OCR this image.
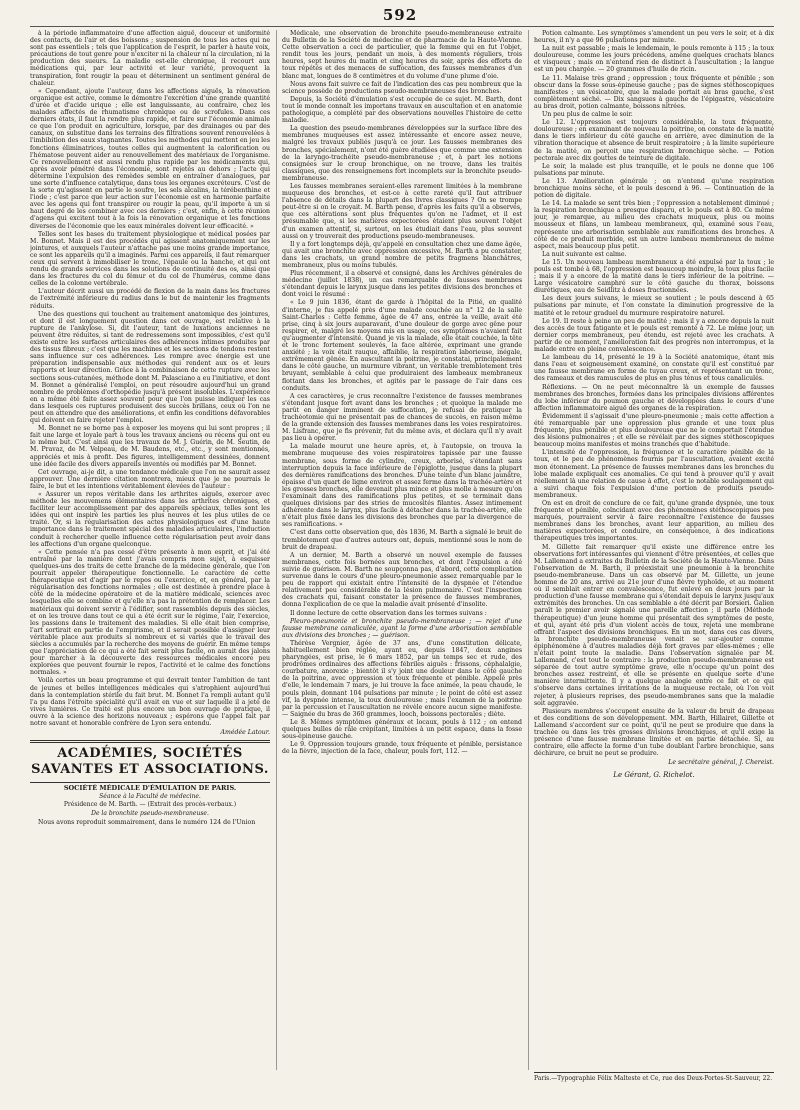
592

à la période inflammatoire d'une affection aiguë, douceur et uniformité des contacts, de l'air et des boissons ; suspension de tous les actes qui ne sont pas essentiels ; tels que l'application de l'esprit, le parler à haute voix, précautions de tout genre pour n'exciter ni la chaleur ni la circulation, ni la production des sueurs. La maladie est-elle chronique, il recourt aux médications qui, par leur activité et leur variété, provoquent la transpiration, font rougir la peau et déterminent un sentiment général de chaleur.

« Cependant, ajoute l'auteur, dans les affections aiguës, la rénovation organique est active, comme le démontre l'excrétion d'une grande quantité d'urée et d'acide urique ; elle est languissante, au contraire, chez les malades affectés de rhumatisme chronique ou de scrofules. Dans ces derniers états, il faut la rendre plus rapide, et faire sur l'économie animale ce que l'on produit en agriculture, lorsque, par des drainages ou par des canaux, on substitue dans les terrains des filtrations souvent renouvelées à l'imbibition des eaux stagnantes. Toutes les méthodes qui mettent en jeu les fonctions éliminatrices, toutes celles qui augmentent la calorification ou l'hématose peuvent aider au renouvellement des matériaux de l'organisme. Ce renouvellement est aussi rendu plus rapide par les médicaments qui, après avoir pénétré dans l'économie, sont rejetés au dehors ; l'acte qui détermine l'expulsion des remèdes semble en entraîner d'analogues, par une sorte d'influence catalytique, dans tous les organes excréteurs. C'est de la sorte qu'agissent en partie le soufre, les sels alcalins, la térébenthine et l'iode ; c'est parce que leur action sur l'économie est en harmonie parfaite avec les agens qui font transpirer ou rougir la peau, qu'il importe à un si haut degré de les combiner avec ces derniers ; c'est, enfin, à cette réunion d'agens qui excitent tout à la fois la rénovation organique et les fonctions diverses de l'économie que les eaux minérales doivent leur efficacité. »

Telles sont les bases du traitement physiologique et médical posées par M. Bonnet. Mais il est des procédés qui agissent anatomiquement sur les jointures, et auxquels l'auteur n'attache pas une moins grande importance, ce sont les appareils qu'il a imaginés. Parmi ces appareils, il faut remarquer ceux qui servent à immobiliser le tronc, l'épaule ou la hanche, et qui ont rendu de grands services dans les solutions de continuité des os, ainsi que dans les fractures du col du fémur et du col de l'humérus, comme dans celles de la colonne vertébrale.

L'auteur décrit aussi un procédé de flexion de la main dans les fractures de l'extrémité inférieure du radius dans le but de maintenir les fragments réduits.

Une des questions qui touchent au traitement anatomique des jointures, et dont il est longuement question dans cet ouvrage, est relative à la rupture de l'ankylose. Si, dit l'auteur, tant de luxations anciennes ne peuvent être réduites, si tant de redressemens sont impossibles, c'est qu'il existe entre les surfaces articulaires des adhérences intimes produites par des tissus fibreux ; c'est que les machines et les sections de tendons restent sans influence sur ces adhérences. Les rompre avec énergie est une préparation indispensable aux méthodes qui rendent aux os et leurs rapports et leur direction. Grâce à la combinaison de cette rupture avec les sections sous-cutanées, méthode dont M. Palasciano a eu l'initiative, et dont M. Bonnet a généralisé l'emploi, on peut résoudre aujourd'hui un grand nombre de problèmes d'orthopédie jusqu'à présent insolubles. L'expérience en a même été faite assez souvent pour que l'on puisse indiquer les cas dans lesquels ces ruptures produisent des succès brillans, ceux où l'on ne peut en attendre que des améliorations, et enfin les conditions défavorables qui doivent en faire rejeter l'emploi.

M. Bonnet ne se borne pas à exposer les moyens qui lui sont propres ; il fait une large et loyale part à tous les travaux anciens ou récens qui ont eu le même but. C'est ainsi que les travaux de M. J. Guérin, de M. Seutin, de M. Pravaz, de M. Velpeau, de M. Baudens, etc., etc., y sont mentionnés, appréciés et mis à profit. Des figures, intelligemment dessinées, donnent une idée facile des divers appareils inventés ou modifiés par M. Bonnet.

Cet ouvrage, ai-je dit, a une tendance médicale que l'on ne saurait assez approuver. Une dernière citation montrera, mieux que je ne pourrais le faire, le but et les intentions véritablement élevées de l'auteur :

« Assurer un repos véritable dans les arthrites aiguës, exercer avec méthode les mouvemens élémentaires dans les arthrites chroniques, et faciliter leur accomplissement par des appareils spéciaux, telles sont les idées qui ont inspiré les parties les plus neuves et les plus utiles de ce traité. Or, si la régularisation des actes physiologiques est d'une haute importance dans le traitement spécial des maladies articulaires, l'induction conduit à rechercher quelle influence cette régularisation peut avoir dans les affections d'un organe quelconque.

« Cette pensée n'a pas cessé d'être présente à mon esprit, et j'ai été entraîné par la manière dont j'avais compris mon sujet, à esquisser quelques-uns des traits de cette branche de la médecine générale, que l'on pourrait appeler thérapeutique fonctionnelle. Le caractère de cette thérapeutique est d'agir par le repos ou l'exercice, et, en général, par la régularisation des fonctions normales ; elle est destinée à prendre place à côté de la médecine opératoire et de la matière médicale, sciences avec lesquelles elle se combine et qu'elle n'a pas la prétention de remplacer. Les matériaux qui doivent servir à l'édifier, sont rassemblés depuis des siècles, et on les trouve dans tout ce qui a été écrit sur le régime, l'air, l'exercice, les passions dans le traitement des maladies. Si elle était bien comprise, l'art sortirait en partie de l'empirisme, et il serait possible d'assigner leur véritable place aux produits si nombreux et si variés que le travail des siècles a accumulés par la recherche des moyens de guérir. En même temps que l'appréciation de ce qui a été fait serait plus facile, on aurait des jalons pour marcher à la découverte des ressources médicales encore peu explorées que peuvent fournir le repos, l'activité et le calme des fonctions normales. »

Voilà certes un beau programme et qui devrait tenter l'ambition de tant de jeunes et belles intelligences médicales qui s'atrophient aujourd'hui dans la contemplation stérile du fait brut. M. Bonnet l'a rempli autant qu'il l'a pu dans l'étroite spécialité qu'il avait en vue et sur laquelle il a jeté de vives lumières. Ce traité est plus encore un bon ouvrage de pratique, il ouvre à la science des horizons nouveaux ; espérons que l'appel fait par notre savant et honorable confrère de Lyon sera entendu.

Amédée Latour.

ACADÉMIES, SOCIÉTÉS SAVANTES ET ASSOCIATIONS.

SOCIÉTÉ MÉDICALE D'ÉMULATION DE PARIS.

Séance à la Faculté de médecine.

Présidence de M. Barth. — (Extrait des procès-verbaux.)

De la bronchite pseudo-membraneuse.

Nous avons reproduit sommairement, dans le numéro 124 de l'Union

Médicale, une observation de bronchite pseudo-membraneuse extraite du Bulletin de la Société de médecine et de pharmacie de la Haute-Vienne. Cette observation a ceci de particulier, que la femme qui en fut l'objet, rendit tous les jours, pendant un mois, à des moments réguliers, trois heures, sept heures du matin et cinq heures du soir, après des efforts de toux répétés et des menaces de suffocation, des fausses membranes d'un blanc mat, longues de 8 centimètres et du volume d'une plume d'oie.

Nous avons fait suivre ce fait de l'indication des cas peu nombreux que la science possède de productions pseudo-membraneuses des bronches.

Depuis, la Société d'émulation s'est occupée de ce sujet. M. Barth, dont tout le monde connaît les importans travaux en auscultation et en anatomie pathologique, a complété par des observations nouvelles l'histoire de cette maladie.

La question des pseudo-membranes développées sur la surface libre des membranes muqueuses est assez intéressante et encore assez neuve, malgré les travaux publiés jusqu'à ce jour. Les fausses membranes des bronches, spécialement, n'ont été guère étudiées que comme une extension de la laryngo-trachéite pseudo-membraneuse ; et, à part les notions consignées sur le croup bronchique, on ne trouve, dans les traités classiques, que des renseignemens fort incomplets sur la bronchite pseudo-membraneuse.

Les fausses membranes seraient-elles rarement limitées à la membrane muqueuse des bronches, et est-ce à cette rareté qu'il faut attribuer l'absence de détails dans la plupart des livres classiques ? On se trompe peut-être si on le croyait. M. Barth pense, d'après les faits qu'il a observés, que ces altérations sont plus fréquentes qu'on ne l'admet, et il est présumable que, si les matières expectorées étaient plus souvent l'objet d'un examen attentif, si, surtout, on les étudiait dans l'eau, plus souvent aussi on y trouverait des productions pseudo-membraneuses.

Il y a fort longtemps déjà, qu'appelé en consultation chez une dame âgée, qui avait une bronchite avec oppression excessive, M. Barth a pu constater, dans les crachats, un grand nombre de petits fragmens blanchâtres, membraneux, plus ou moins tubulés.

Plus récemment, il a observé et consigné, dans les Archives générales de médecine (juillet 1838), un cas remarquable de fausses membranes s'étendant depuis le larynx jusque dans les petites divisions des bronches et dont voici le résumé :

« Le 9 juin 1836, étant de garde à l'hôpital de la Pitié, en qualité d'interne, je fus appelé près d'une malade couchée au n° 12 de la salle Saint-Charles : Cette femme, âgée de 47 ans, entrée la veille, avait été prise, cinq à six jours auparavant, d'une douleur de gorge avec gêne pour respirer, et, malgré les moyens mis en usage, ces symptômes n'avaient fait qu'augmenter d'intensité. Quand je vis la malade, elle était couchée, la tête et le tronc fortement soulevés, la face altérée, exprimant une grande anxiété ; la voix était rauque, affaiblie, la respiration laborieuse, inégale, extrêmement gênée. En auscultant la poitrine, je constatai, principalement dans le côté gauche, un murmure vibrant, un véritable tremblotement très bruyant, semblable à celui que produiraient des lambeaux membraneux flottant dans les bronches, et agités par le passage de l'air dans ces conduits.

A ces caractères, je crus reconnaître l'existence de fausses membranes s'étendant jusque fort avant dans les bronches ; et quoique la malade me parût en danger imminent de suffocation, je refusai de pratiquer la trachéotomie qui ne présentait pas de chances de succès, en raison même de la grande extension des fausses membranes dans les voies respiratoires. M. Lisfranc, que je fis prévenir, fut du même avis, et déclara qu'il n'y avait pas lieu à opérer.

La malade mourut une heure après, et, à l'autopsie, on trouva la membrane muqueuse des voies respiratoires tapissée par une fausse membrane, sous forme de cylindre, creux, arborisé, s'étendant sans interruption depuis la face inférieure de l'épiglotte, jusque dans la plupart des dernières ramifications des bronches. D'une teinte d'un blanc jaunâtre, épaisse d'un quart de ligne environ et assez ferme dans la trachée-artère et les grosses bronches, elle devenait plus mince et plus molle à mesure qu'on l'examinait dans des ramifications plus petites, et se terminait dans quelques divisions par des stries de mucosités filantes. Assez intimement adhérente dans le larynx, plus facile à détacher dans la trachée-artère, elle n'était plus fixée dans les divisions des bronches que par la divergence de ses ramifications. »

C'est dans cette observation que, dès 1836, M. Barth a signalé le bruit de tremblotement que d'autres auteurs ont, depuis, mentionné sous le nom de bruit de drapeau.

A un dernier, M. Barth a observé un nouvel exemple de fausses membranes, cette fois bornées aux bronches, et dont l'expulsion a été suivie de guérison. M. Barth ne soupçonna pas, d'abord, cette complication survenue dans le cours d'une pleuro-pneumonie assez remarquable par le peu de rapport qui existait entre l'intensité de la dyspnée et l'étendue relativement peu considérable de la lésion pulmonaire. C'est l'inspection des crachats qui, faisant constater la présence de fausses membranes, donna l'explication de ce que la maladie avait présenté d'insolite.

Il donne lecture de cette observation dans les termes suivans :

Pleuro-pneumonie et bronchite pseudo-membraneuse ; — rejet d'une fausse membrane canaliculée, ayant la forme d'une arborisation semblable aux divisions des bronches ; — guérison.

Thérèse Vergnier, âgée de 37 ans, d'une constitution délicate, habituellement bien réglée, ayant eu, depuis 1847, deux angines pharyngées, est prise, le 6 mars 1852, par un temps sec et rude, des prodrômes ordinaires des affections fébriles aiguës : frissons, céphalalgie, courbature, anorexie ; bientôt il s'y joint une douleur dans le côté gauche de la poitrine, avec oppression et toux fréquente et pénible. Appelé près d'elle, le lendemain 7 mars, je lui trouve la face animée, la peau chaude, le pouls plein, donnant 104 pulsations par minute ; le point de côté est assez vif, la dyspnée intense, la toux douloureuse ; mais l'examen de la poitrine par la percussion et l'auscultation ne révèle encore aucun signe manifeste. — Saignée du bras de 360 grammes, looch, boissons pectorales ; diète.

Le 8. Mêmes symptômes généraux et locaux, pouls à 112 ; on entend quelques bulles de râle crépitant, limitées à un petit espace, dans la fosse sous-épineuse gauche.

Le 9. Oppression toujours grande, toux fréquente et pénible, persistance de la fièvre, injection de la face, chaleur, pouls fort, 112. —

Potion calmante. Les symptômes s'amendent un peu vers le soir, et à dix heures, il n'y a que 96 pulsations par minute.

La nuit est passable ; mais le lendemain, le pouls remonte à 115 ; la toux douloureuse, comme les jours précédens, amène quelques crachats blancs et visqueux ; mais on n'entend rien de distinct à l'auscultation ; la langue est un peu chargée. — 20 grammes d'huile de ricin.

Le 11. Malaise très grand ; oppression ; toux fréquente et pénible ; son obscur dans la fosse sous-épineuse gauche ; pas de signes stéthoscopiques manifestes ; un vésicatoire, que la malade portait au bras gauche, s'est complètement séché. — Dix sangsues à gauche de l'épigastre, vésicatoire au bras droit, potion calmante, boissons nitrées.

Un peu plus de calme le soir.

Le 12. L'oppression est toujours considérable, la toux fréquente, douloureuse ; en examinant de nouveau la poitrine, on constate de la matité dans le tiers inférieur du côté gauche en arrière, avec diminution de la vibration thoracique et absence de bruit respiratoire ; à la limite supérieure de la matité, on perçoit une respiration bronchique sèche. — Potion pectorale avec dix gouttes de teinture de digitale.

Le soir, la malade est plus tranquille, et le pouls ne donne que 106 pulsations par minute.

Le 13. Amélioration générale ; on n'entend qu'une respiration bronchique moins sèche, et le pouls descend à 96. — Continuation de la potion de digitale.

Le 14. La malade se sent très bien ; l'oppression a notablement diminué ; la respiration bronchique a presque disparu, et le pouls est à 80. Ce même jour, je remarque, au milieu des crachats muqueux, plus ou moins mousseux et filans, un lambeau membraneux, qui, examiné sous l'eau, représente une arborisation semblable aux ramifications des bronches. A côté de ce produit morbide, est un autre lambeau membraneux de même aspect, mais beaucoup plus petit.

La nuit suivante est calme.

Le 15. Un nouveau lambeau membraneux a été expulsé par la toux ; le pouls est tombé à 68, l'oppression est beaucoup moindre, la toux plus facile ; mais il y a encore de la matité dans le tiers inférieur de la poitrine. — Large vésicatoire camphré sur le côté gauche du thorax, boissons diurétiques, eau de Seidlitz à doses fractionnées.

Les deux jours suivans, le mieux se soutient ; le pouls descend à 65 pulsations par minute, et l'on constate la diminution progressive de la matité et le retour graduel du murmure respiratoire naturel.

Le 19. Il reste à peine un peu de matité ; mais il y a encore depuis la nuit des accès de toux fatigante et le pouls est remonté à 72. Le même jour, un dernier corps membraneux, peu étendu, est rejeté avec les crachats. A partir de ce moment, l'amélioration fait des progrès non interrompus, et la malade entre en pleine convalescence.

Le lambeau du 14, présenté le 19 à la Société anatomique, étant mis dans l'eau et soigneusement examiné, on constate qu'il est constitué par une fausse membrane en forme de tuyau creux, et représentant un tronc, des rameaux et des ramuscules de plus en plus ténus et tous canaliculés.

Réflexions. — On ne peut méconnaître là un exemple de fausses membranes des bronches, formées dans les principales divisions afférentes du lobe inférieur du poumon gauche et développées dans le cours d'une affection inflammatoire aiguë des organes de la respiration.

Évidemment il s'agissait d'une pleuro-pneumonie ; mais cette affection a été remarquable par une oppression plus grande et une toux plus fréquente, plus pénible et plus douloureuse que ne le comportait l'étendue des lésions pulmonaires ; et elle se révélait par des signes stéthoscopiques beaucoup moins manifestes et moins tranchés que d'habitude.

L'intensité de l'oppression, la fréquence et le caractère pénible de la toux, et le peu de phénomènes fournis par l'auscultation, avaient excité mon étonnement. La présence de fausses membranes dans les bronches du lobe malade expliquait ces anomalies. Ce qui tend à prouver qu'il y avait réellement là une relation de cause à effet, c'est le notable soulagement qui a suivi chaque fois l'expulsion d'une portion de produits pseudo-membraneux.

On est en droit de conclure de ce fait, qu'une grande dyspnée, une toux fréquente et pénible, coïncidant avec des phénomènes stéthoscopiques peu marqués, pourraient servir à faire reconnaître l'existence de fausses membranes dans les bronches, avant leur apparition, au milieu des matières expectorées, et conduire, en conséquence, à des indications thérapeutiques très importantes.

M. Gillette fait remarquer qu'il existe une différence entre les observations fort intéressantes qui viennent d'être présentées, et celles que M. Lallemand a extraites du Bulletin de la Société de la Haute-Vienne. Dans l'observation de M. Barth, il préexistait une pneumonie à la bronchite pseudo-membraneuse. Dans un cas observé par M. Gillette, un jeune homme de 20 ans, arrivé au 21e jour d'une fièvre typhoïde, et au moment où il semblait entrer en convalescence, fut enlevé en deux jours par la production d'une fausse membrane qui s'étendait depuis le larynx jusqu'aux extrémités des bronches. Un cas semblable a été décrit par Borsieri. Galien paraît le premier avoir signalé une pareille affection ; il parle (Méthode thérapeutique) d'un jeune homme qui présentait des symptômes de peste, et qui, ayant été pris d'un violent accès de toux, rejeta une membrane offrant l'aspect des divisions bronchiques. En un mot, dans ces cas divers, la bronchite pseudo-membraneuse venait se sur-ajouter comme épiphénomène à d'autres maladies déjà fort graves par elles-mêmes ; elle n'était point toute la maladie. Dans l'observation signalée par M. Lallemand, c'est tout le contraire : la production pseudo-membraneuse est séparée de tout autre symptôme grave, elle n'occupe qu'un point des bronches assez restreint, et elle se présente en quelque sorte d'une manière intermittente. Il y a quelque analogie entre ce fait et ce qui s'observe dans certaines irritations de la muqueuse rectale, où l'on voit rejeter, à plusieurs reprises, des pseudo-membranes sans que la maladie soit aggravée.

Plusieurs membres s'occupent ensuite de la valeur du bruit de drapeau et des conditions de son développement. MM. Barth, Hillairet, Gillette et Lallemand s'accordent sur ce point, qu'il ne peut se produire que dans la trachée ou dans les très grosses divisions bronchiques, et qu'il exige la présence d'une fausse membrane limitée et en partie détachée. Si, au contraire, elle affecte la forme d'un tube doublant l'arbre bronchique, sans déchirure, ce bruit ne peut se produire.

Le secrétaire général, J. Chereist.

Le Gérant, G. Richelot.

Paris.—Typographie Félix Malteste et Ce, rue des Deux-Portes-St-Sauveur, 22.
